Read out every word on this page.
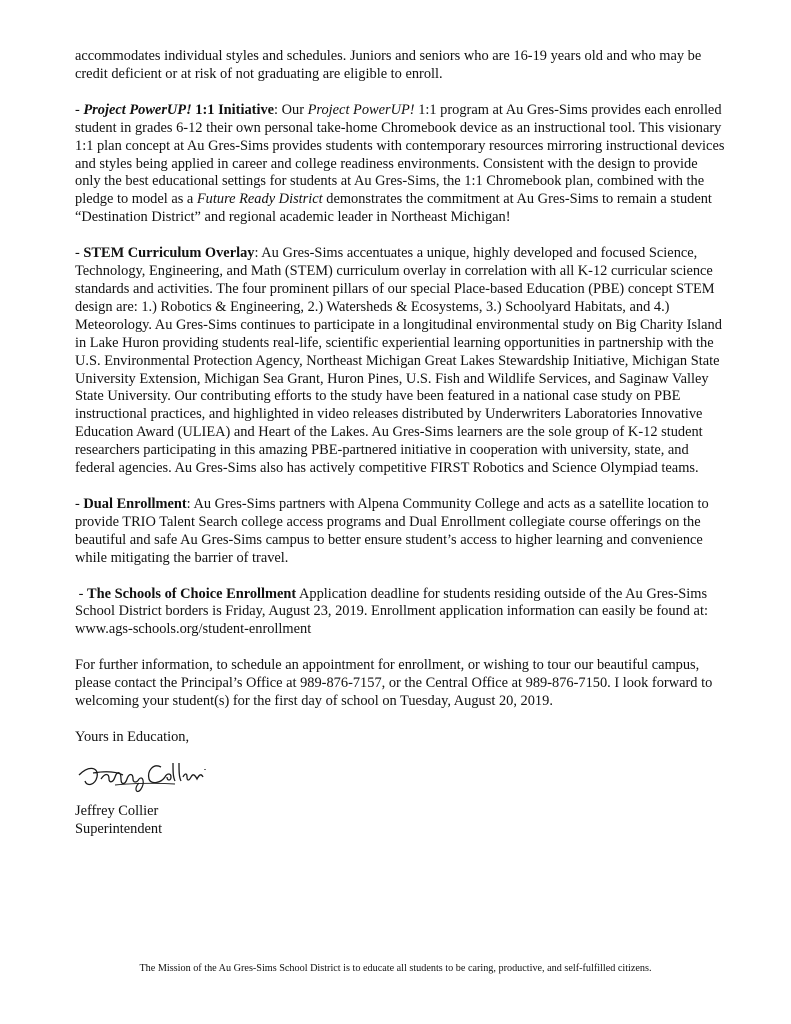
accommodates individual styles and schedules. Juniors and seniors who are 16-19 years old and who may be credit deficient or at risk of not graduating are eligible to enroll.

- Project PowerUP! 1:1 Initiative: Our Project PowerUP! 1:1 program at Au Gres-Sims provides each enrolled student in grades 6-12 their own personal take-home Chromebook device as an instructional tool. This visionary 1:1 plan concept at Au Gres-Sims provides students with contemporary resources mirroring instructional devices and styles being applied in career and college readiness environments. Consistent with the design to provide only the best educational settings for students at Au Gres-Sims, the 1:1 Chromebook plan, combined with the pledge to model as a Future Ready District demonstrates the commitment at Au Gres-Sims to remain a student “Destination District” and regional academic leader in Northeast Michigan!

- STEM Curriculum Overlay: Au Gres-Sims accentuates a unique, highly developed and focused Science, Technology, Engineering, and Math (STEM) curriculum overlay in correlation with all K-12 curricular science standards and activities. The four prominent pillars of our special Place-based Education (PBE) concept STEM design are: 1.) Robotics & Engineering, 2.) Watersheds & Ecosystems, 3.) Schoolyard Habitats, and 4.) Meteorology. Au Gres-Sims continues to participate in a longitudinal environmental study on Big Charity Island in Lake Huron providing students real-life, scientific experiential learning opportunities in partnership with the U.S. Environmental Protection Agency, Northeast Michigan Great Lakes Stewardship Initiative, Michigan State University Extension, Michigan Sea Grant, Huron Pines, U.S. Fish and Wildlife Services, and Saginaw Valley State University. Our contributing efforts to the study have been featured in a national case study on PBE instructional practices, and highlighted in video releases distributed by Underwriters Laboratories Innovative Education Award (ULIEA) and Heart of the Lakes. Au Gres-Sims learners are the sole group of K-12 student researchers participating in this amazing PBE-partnered initiative in cooperation with university, state, and federal agencies. Au Gres-Sims also has actively competitive FIRST Robotics and Science Olympiad teams.

- Dual Enrollment: Au Gres-Sims partners with Alpena Community College and acts as a satellite location to provide TRIO Talent Search college access programs and Dual Enrollment collegiate course offerings on the beautiful and safe Au Gres-Sims campus to better ensure student’s access to higher learning and convenience while mitigating the barrier of travel.

- The Schools of Choice Enrollment Application deadline for students residing outside of the Au Gres-Sims School District borders is Friday, August 23, 2019. Enrollment application information can easily be found at: www.ags-schools.org/student-enrollment

For further information, to schedule an appointment for enrollment, or wishing to tour our beautiful campus, please contact the Principal’s Office at 989-876-7157, or the Central Office at 989-876-7150. I look forward to welcoming your student(s) for the first day of school on Tuesday, August 20, 2019.

Yours in Education,

Jeffrey Collier
Superintendent
The Mission of the Au Gres-Sims School District is to educate all students to be caring, productive, and self-fulfilled citizens.
